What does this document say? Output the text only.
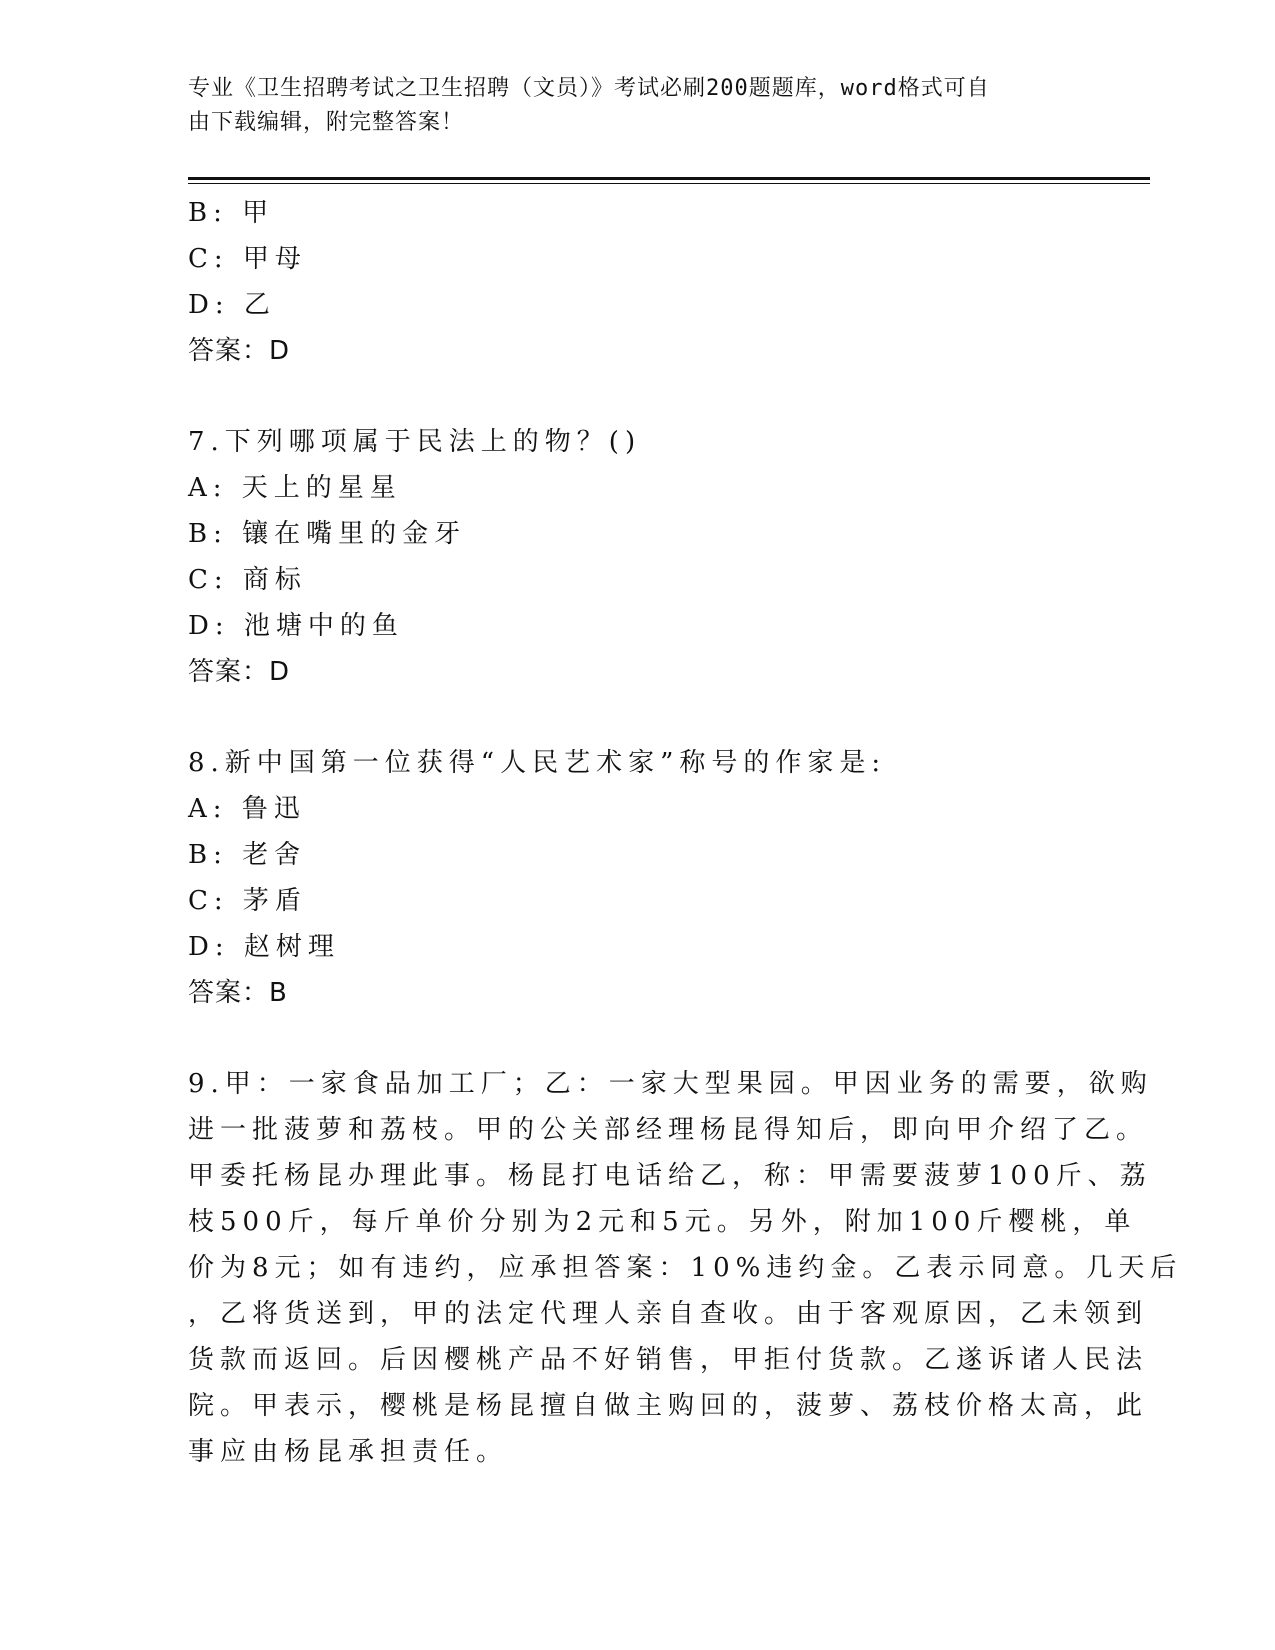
专业《卫生招聘考试之卫生招聘（文员）》考试必刷200题题库，word格式可自
由下载编辑，附完整答案！
B: 甲
C: 甲母
D: 乙
答案：D
7.下列哪项属于民法上的物？()
A: 天上的星星
B: 镶在嘴里的金牙
C: 商标
D: 池塘中的鱼
答案：D
8.新中国第一位获得“人民艺术家”称号的作家是:
A: 鲁迅
B: 老舍
C: 茅盾
D: 赵树理
答案：B
9.甲：一家食品加工厂；乙：一家大型果园。甲因业务的需要，欲购
进一批菠萝和荔枝。甲的公关部经理杨昆得知后，即向甲介绍了乙。
甲委托杨昆办理此事。杨昆打电话给乙，称：甲需要菠萝100斤、荔
枝500斤，每斤单价分别为2元和5元。另外，附加100斤樱桃，单
价为8元；如有违约，应承担答案：10%违约金。乙表示同意。几天后
，乙将货送到，甲的法定代理人亲自查收。由于客观原因，乙未领到
货款而返回。后因樱桃产品不好销售，甲拒付货款。乙遂诉诸人民法
院。甲表示，樱桃是杨昆擅自做主购回的，菠萝、荔枝价格太高，此
事应由杨昆承担责任。
